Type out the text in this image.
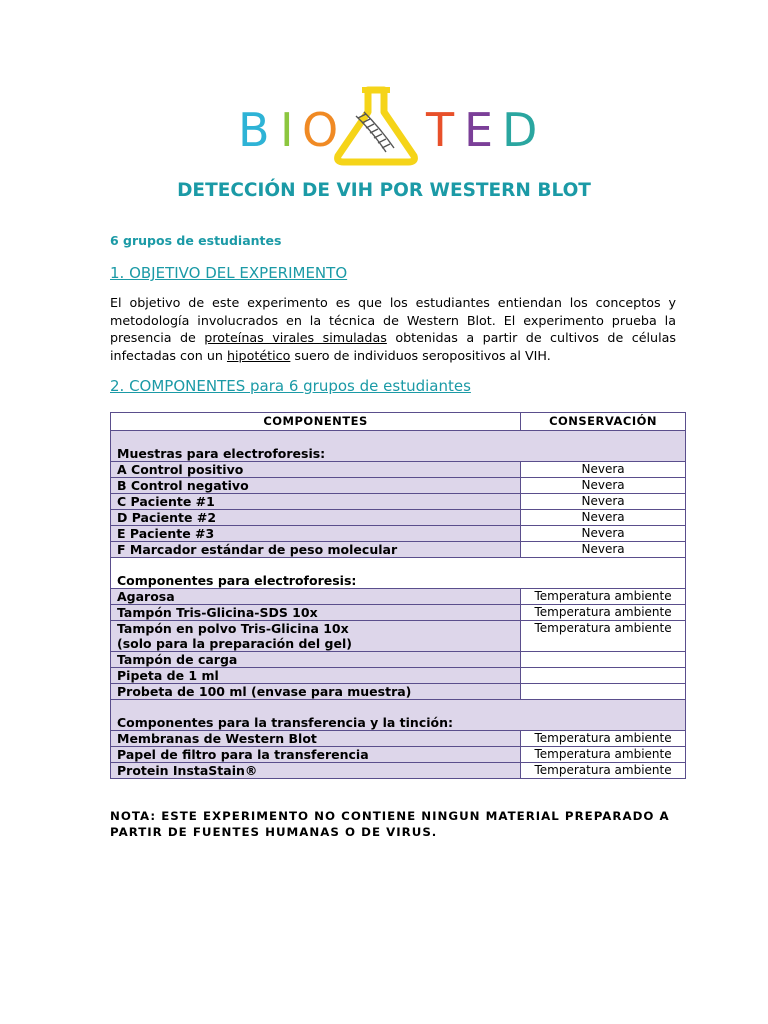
B I O T E D
DETECCIÓN DE VIH POR WESTERN BLOT
6 grupos de estudiantes
1. OBJETIVO DEL EXPERIMENTO
El objetivo de este experimento es que los estudiantes entiendan los conceptos y metodología involucrados en la técnica de Western Blot. El experimento prueba la presencia de proteínas virales simuladas obtenidas a partir de cultivos de células infectadas con un hipotético suero de individuos seropositivos al VIH.
2. COMPONENTES para 6 grupos de estudiantes
COMPONENTES	CONSERVACIÓN
Muestras para electroforesis:	
A Control positivo	Nevera
B Control negativo	Nevera
C Paciente #1	Nevera
D Paciente #2	Nevera
E Paciente #3	Nevera
F Marcador estándar de peso molecular	Nevera
Componentes para electroforesis:	
Agarosa	Temperatura ambiente
Tampón Tris-Glicina-SDS 10x	Temperatura ambiente
Tampón en polvo Tris-Glicina 10x
(solo para la preparación del gel)	Temperatura ambiente
Tampón de carga	
Pipeta de 1 ml	
Probeta de 100 ml (envase para muestra)	
Componentes para la transferencia y la tinción:	
Membranas de Western Blot	Temperatura ambiente
Papel de filtro para la transferencia	Temperatura ambiente
Protein InstaStain®	Temperatura ambiente
NOTA: ESTE EXPERIMENTO NO CONTIENE NINGUN MATERIAL PREPARADO A PARTIR DE FUENTES HUMANAS O DE VIRUS.
